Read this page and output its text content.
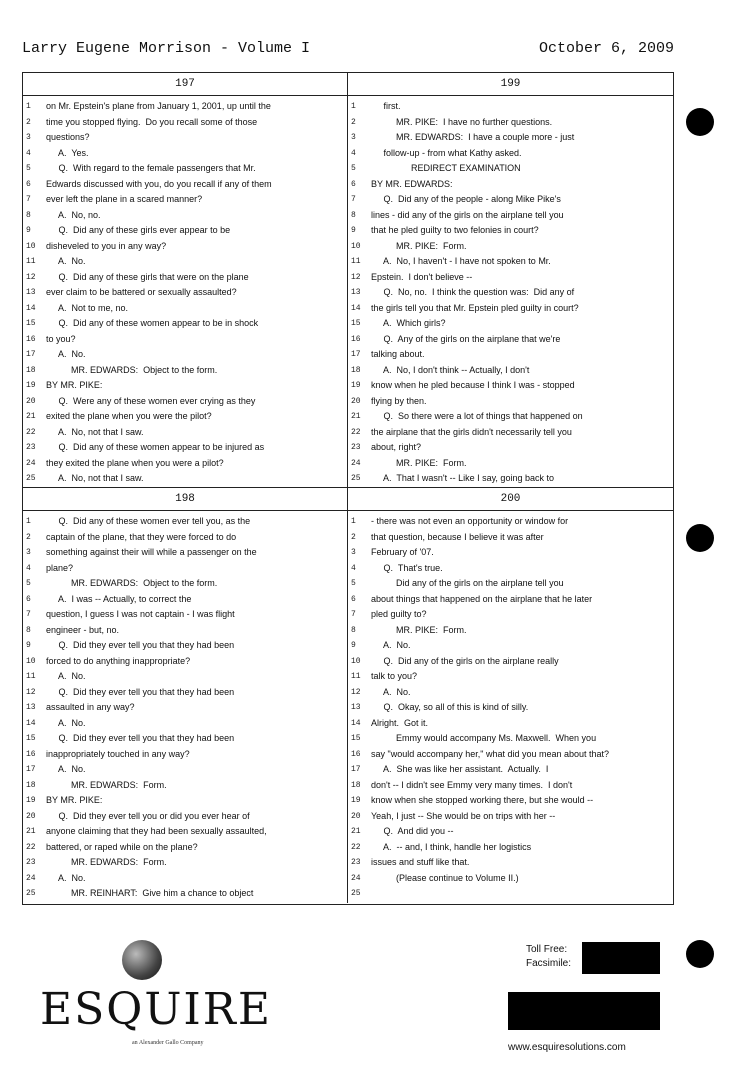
Larry Eugene Morrison - Volume I	October 6, 2009
197
1	on Mr. Epstein's plane from January 1, 2001, up until the
2	time you stopped flying.  Do you recall some of those
3	questions?
4	A.  Yes.
5	Q.  With regard to the female passengers that Mr.
6	Edwards discussed with you, do you recall if any of them
7	ever left the plane in a scared manner?
8	A.  No, no.
9	Q.  Did any of these girls ever appear to be
10	disheveled to you in any way?
11	A.  No.
12	Q.  Did any of these girls that were on the plane
13	ever claim to be battered or sexually assaulted?
14	A.  Not to me, no.
15	Q.  Did any of these women appear to be in shock
16	to you?
17	A.  No.
18	MR. EDWARDS:  Object to the form.
19	BY MR. PIKE:
20	Q.  Were any of these women ever crying as they
21	exited the plane when you were the pilot?
22	A.  No, not that I saw.
23	Q.  Did any of these women appear to be injured as
24	they exited the plane when you were a pilot?
25	A.  No, not that I saw.
199
1	first.
2	MR. PIKE:  I have no further questions.
3	MR. EDWARDS:  I have a couple more - just
4	follow-up - from what Kathy asked.
5	REDIRECT EXAMINATION
6	BY MR. EDWARDS:
7	Q.  Did any of the people - along Mike Pike's
8	lines - did any of the girls on the airplane tell you
9	that he pled guilty to two felonies in court?
10	MR. PIKE:  Form.
11	A.  No, I haven't - I have not spoken to Mr.
12	Epstein.  I don't believe --
13	Q.  No, no.  I think the question was:  Did any of
14	the girls tell you that Mr. Epstein pled guilty in court?
15	A.  Which girls?
16	Q.  Any of the girls on the airplane that we're
17	talking about.
18	A.  No, I don't think -- Actually, I don't
19	know when he pled because I think I was - stopped
20	flying by then.
21	Q.  So there were a lot of things that happened on
22	the airplane that the girls didn't necessarily tell you
23	about, right?
24	MR. PIKE:  Form.
25	A.  That I wasn't -- Like I say, going back to
198
1	Q.  Did any of these women ever tell you, as the
2	captain of the plane, that they were forced to do
3	something against their will while a passenger on the
4	plane?
5	MR. EDWARDS:  Object to the form.
6	A.  I was -- Actually, to correct the
7	question, I guess I was not captain - I was flight
8	engineer - but, no.
9	Q.  Did they ever tell you that they had been
10	forced to do anything inappropriate?
11	A.  No.
12	Q.  Did they ever tell you that they had been
13	assaulted in any way?
14	A.  No.
15	Q.  Did they ever tell you that they had been
16	inappropriately touched in any way?
17	A.  No.
18	MR. EDWARDS:  Form.
19	BY MR. PIKE:
20	Q.  Did they ever tell you or did you ever hear of
21	anyone claiming that they had been sexually assaulted,
22	battered, or raped while on the plane?
23	MR. EDWARDS:  Form.
24	A.  No.
25	MR. REINHART:  Give him a chance to object
200
1	- there was not even an opportunity or window for
2	that question, because I believe it was after
3	February of '07.
4	Q.  That's true.
5	Did any of the girls on the airplane tell you
6	about things that happened on the airplane that he later
7	pled guilty to?
8	MR. PIKE:  Form.
9	A.  No.
10	Q.  Did any of the girls on the airplane really
11	talk to you?
12	A.  No.
13	Q.  Okay, so all of this is kind of silly.
14	Alright.  Got it.
15	Emmy would accompany Ms. Maxwell.  When you
16	say "would accompany her," what did you mean about that?
17	A.  She was like her assistant.  Actually.  I
18	don't -- I didn't see Emmy very many times.  I don't
19	know when she stopped working there, but she would --
20	Yeah, I just -- She would be on trips with her --
21	Q.  And did you --
22	A.  -- and, I think, handle her logistics
23	issues and stuff like that.
24	(Please continue to Volume II.)
25
ESQUIRE
an Alexander Gallo Company
Toll Free:
Facsimile:
www.esquiresolutions.com
